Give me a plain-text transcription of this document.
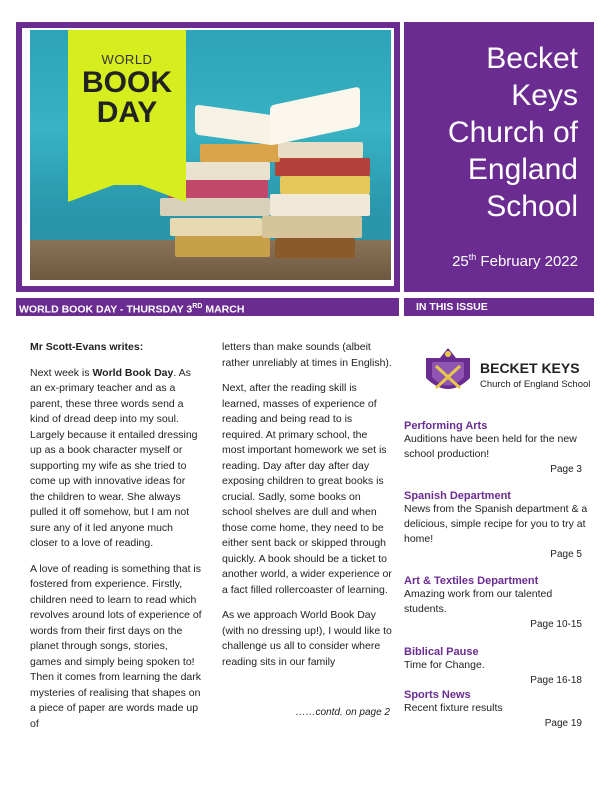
WORLD
BOOK
DAY
Becket
Keys
Church of
England
School
25th February 2022
WORLD BOOK DAY - THURSDAY 3RD MARCH	IN THIS ISSUE

Mr Scott-Evans writes:

Next week is World Book Day. As an ex-primary teacher and as a parent, these three words send a kind of dread deep into my soul. Largely because it entailed dressing up as a book character myself or supporting my wife as she tried to come up with innovative ideas for the children to wear. She always pulled it off somehow, but I am not sure any of it led anyone much closer to a love of reading.

A love of reading is something that is fostered from experience. Firstly, children need to learn to read which revolves around lots of experience of words from their first days on the planet through songs, stories, games and simply being spoken to! Then it comes from learning the dark mysteries of realising that shapes on a piece of paper are words made up of

letters than make sounds (albeit rather unreliably at times in English).

Next, after the reading skill is learned, masses of experience of reading and being read to is required. At primary school, the most important homework we set is reading. Day after day after day exposing children to great books is crucial. Sadly, some books on school shelves are dull and when those come home, they need to be either sent back or skipped through quickly. A book should be a ticket to another world, a wider experience or a fact filled rollercoaster of learning.

As we approach World Book Day (with no dressing up!), I would like to challenge us all to consider where reading sits in our family

……contd. on page 2
BECKET KEYS
Church of England School
Performing Arts
Auditions have been held for the new school production!
Page 3
Spanish Department
News from the Spanish department & a delicious, simple recipe for you to try at home!
Page 5
Art & Textiles Department
Amazing work from our talented students.
Page 10-15
Biblical Pause
Time for Change.
Page 16-18
Sports News
Recent fixture results
Page 19
